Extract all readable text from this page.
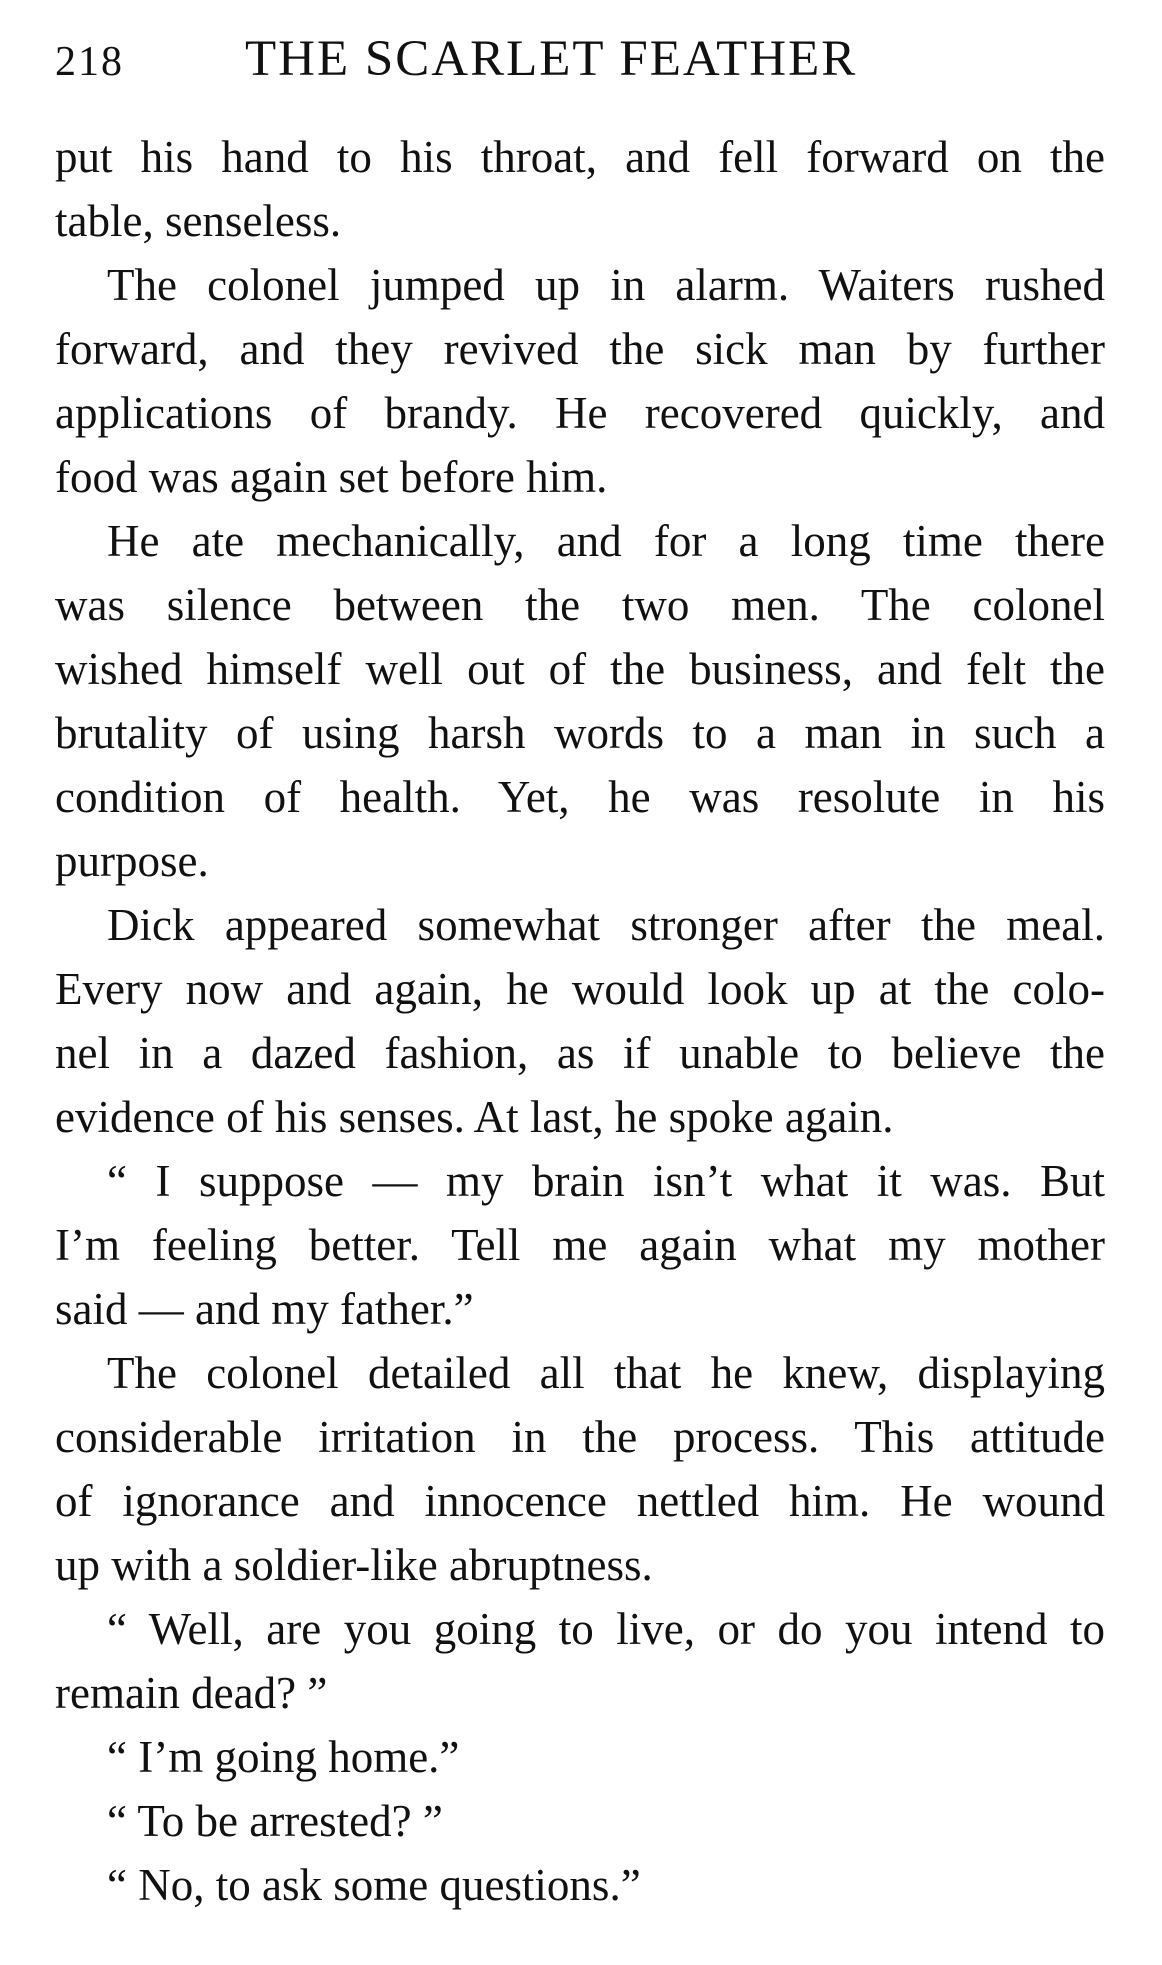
218 THE SCARLET FEATHER
put his hand to his throat, and fell forward on the
table, senseless.
The colonel jumped up in alarm. Waiters rushed
forward, and they revived the sick man by further
applications of brandy. He recovered quickly, and
food was again set before him.
He ate mechanically, and for a long time there
was silence between the two men. The colonel
wished himself well out of the business, and felt the
brutality of using harsh words to a man in such a
condition of health. Yet, he was resolute in his
purpose.
Dick appeared somewhat stronger after the meal.
Every now and again, he would look up at the colo-
nel in a dazed fashion, as if unable to believe the
evidence of his senses. At last, he spoke again.
“ I suppose — my brain isn’t what it was. But
I’m feeling better. Tell me again what my mother
said — and my father.”
The colonel detailed all that he knew, displaying
considerable irritation in the process. This attitude
of ignorance and innocence nettled him. He wound
up with a soldier-like abruptness.
“ Well, are you going to live, or do you intend to
remain dead? ”
“ I’m going home.”
“ To be arrested? ”
“ No, to ask some questions.”
